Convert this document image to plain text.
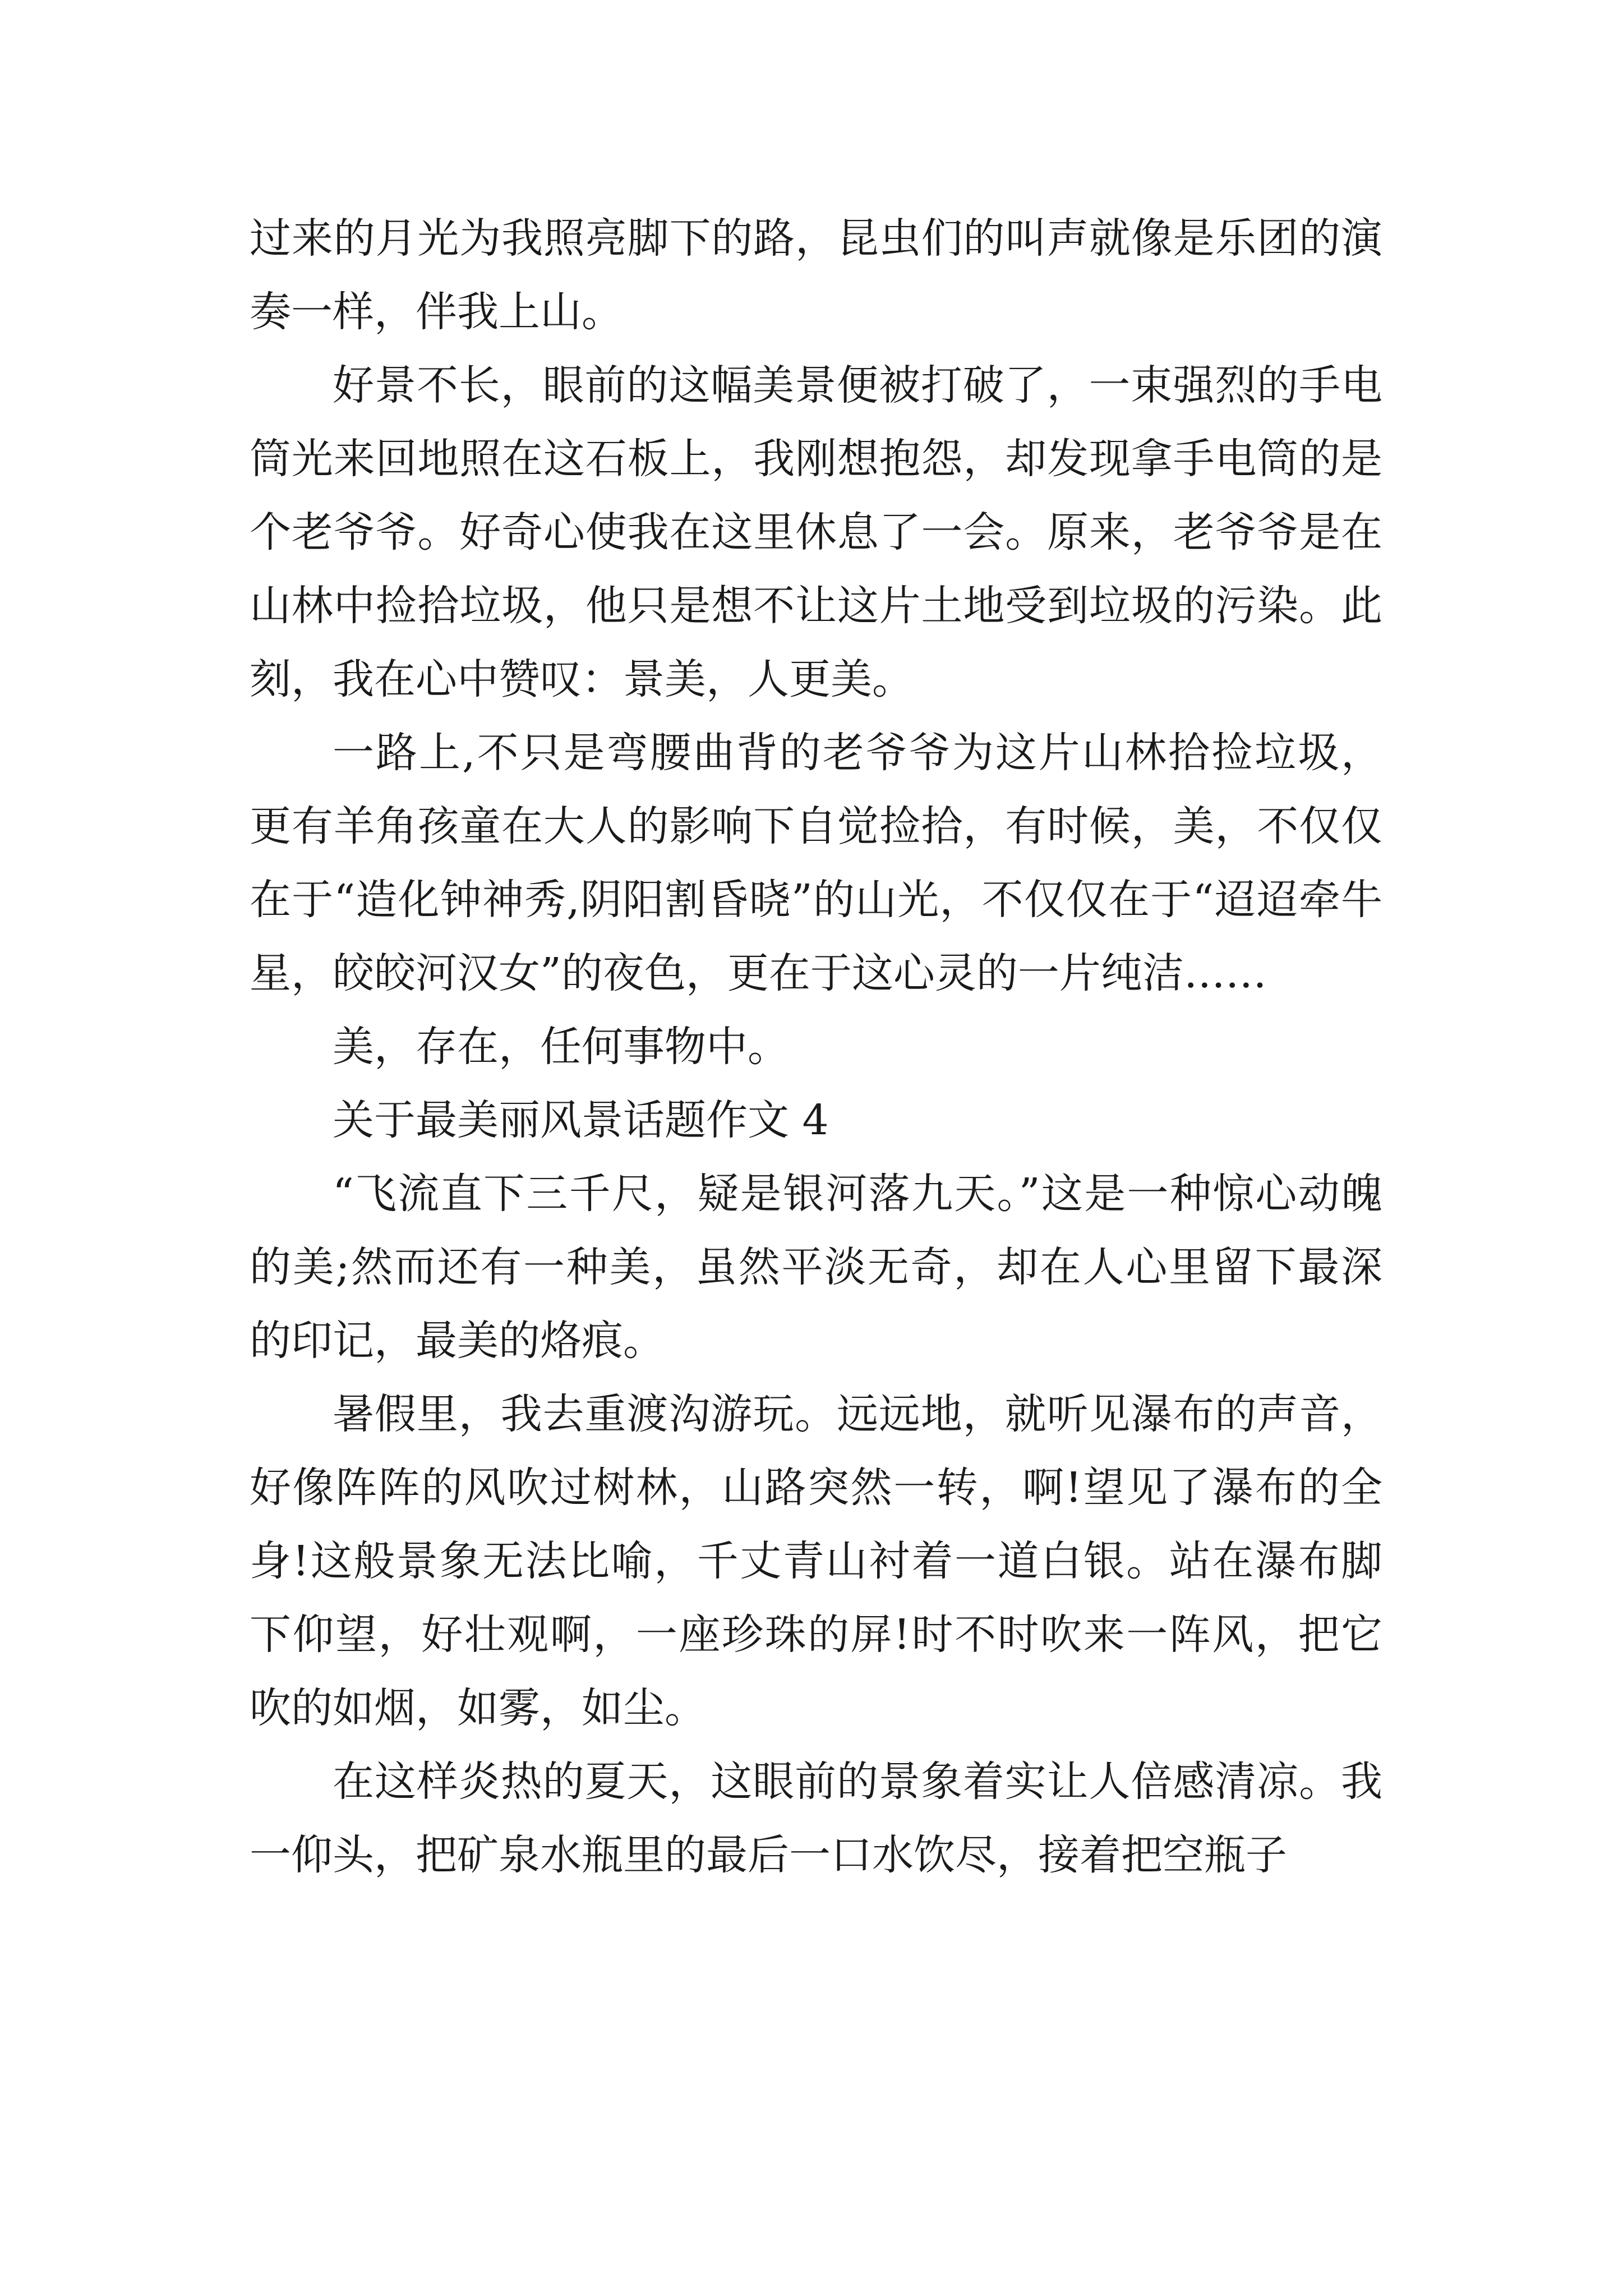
过来的月光为我照亮脚下的路，昆虫们的叫声就像是乐团的演奏一样，伴我上山。

好景不长，眼前的这幅美景便被打破了，一束强烈的手电筒光来回地照在这石板上，我刚想抱怨，却发现拿手电筒的是个老爷爷。好奇心使我在这里休息了一会。原来，老爷爷是在山林中捡拾垃圾，他只是想不让这片土地受到垃圾的污染。此刻，我在心中赞叹：景美，人更美。

一路上,不只是弯腰曲背的老爷爷为这片山林拾捡垃圾，更有羊角孩童在大人的影响下自觉捡拾，有时候，美，不仅仅在于“造化钟神秀,阴阳割昏晓”的山光，不仅仅在于“迢迢牵牛星，皎皎河汉女”的夜色，更在于这心灵的一片纯洁……

美，存在，任何事物中。

关于最美丽风景话题作文 4

“飞流直下三千尺，疑是银河落九天。”这是一种惊心动魄的美;然而还有一种美，虽然平淡无奇，却在人心里留下最深的印记，最美的烙痕。

暑假里，我去重渡沟游玩。远远地，就听见瀑布的声音，好像阵阵的风吹过树林，山路突然一转，啊!望见了瀑布的全身!这般景象无法比喻，千丈青山衬着一道白银。站在瀑布脚下仰望，好壮观啊，一座珍珠的屏!时不时吹来一阵风，把它吹的如烟，如雾，如尘。

在这样炎热的夏天，这眼前的景象着实让人倍感清凉。我一仰头，把矿泉水瓶里的最后一口水饮尽，接着把空瓶子
